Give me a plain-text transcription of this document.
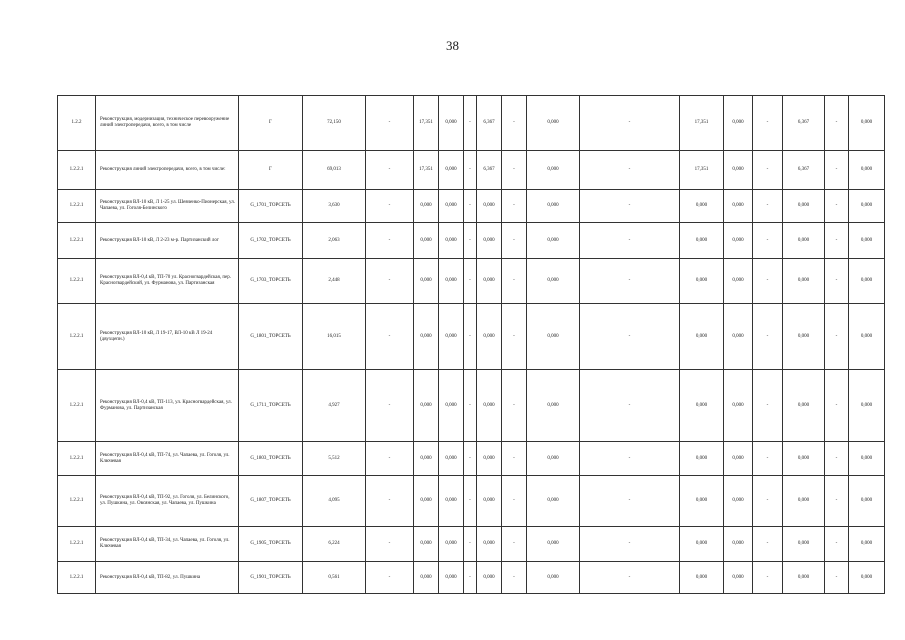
38
1.2.2	Реконструкция, модернизация, техническое перевооружение линий электропередачи, всего, в том числе	Г	72,150	-	17,351	0,000	-	6,367	-	0,000	-	17,351	0,000	-	6,367	-	0,000
1.2.2.1	Реконструкция линий электропередачи, всего, в том числе:	Г	69,013	-	17,351	0,000	-	6,367	-	0,000	-	17,351	0,000	-	6,367	-	0,000
1.2.2.1	Реконструкция ВЛ-10 кВ, Л 1-25 ул. Шевченко-Пионерская, ул. Чапаева, ул. Гоголя-Белинского	G_1701_ТОРСЕТЬ	3,630	-	0,000	0,000	-	0,000	-	0,000	-	0,000	0,000	-	0,000	-	0,000
1.2.2.1	Реконструкция ВЛ-10 кВ, Л 2-23 м-р. Партизанский лог	G_1702_ТОРСЕТЬ	2,063	-	0,000	0,000	-	0,000	-	0,000	-	0,000	0,000	-	0,000	-	0,000
1.2.2.1	Реконструкция ВЛ-0,4 кВ, ТП-70 ул. Красногвардейская, пер. Красногвардейский, ул. Фурманова, ул. Партизанская	G_1703_ТОРСЕТЬ	2,448	-	0,000	0,000	-	0,000	-	0,000	-	0,000	0,000	-	0,000	-	0,000
1.2.2.1	Реконструкция ВЛ-10 кВ, Л 19-17, ВЛ-10 кВ Л 19-24 (двухцепн.)	G_1801_ТОРСЕТЬ	16,015	-	0,000	0,000	-	0,000	-	0,000	-	0,000	0,000	-	0,000	-	0,000
1.2.2.1	Реконструкция ВЛ-0,4 кВ, ТП-113, ул. Красногвардейская, ул. Фурманова, ул. Партизанская	G_1711_ТОРСЕТЬ	4,927	-	0,000	0,000	-	0,000	-	0,000	-	0,000	0,000	-	0,000	-	0,000
1.2.2.1	Реконструкция ВЛ-0,4 кВ, ТП-74, ул. Чапаева, ул. Гоголя, ул. Ключевая	G_1803_ТОРСЕТЬ	5,512	-	0,000	0,000	-	0,000	-	0,000	-	0,000	0,000	-	0,000	-	0,000
1.2.2.1	Реконструкция ВЛ-0,4 кВ, ТП-92, ул. Гоголя, ул. Белинского, ул. Пушкина, ул. Овсянская, ул. Чапаева, ул. Пушкина	G_1807_ТОРСЕТЬ	4,095	-	0,000	0,000	-	0,000	-	0,000	-	0,000	0,000	-	0,000	-	0,000
1.2.2.1	Реконструкция ВЛ-0,4 кВ, ТП-34, ул. Чапаева, ул. Гоголя, ул. Ключевая	G_1905_ТОРСЕТЬ	6,224	-	0,000	0,000	-	0,000	-	0,000	-	0,000	0,000	-	0,000	-	0,000
1.2.2.1	Реконструкция ВЛ-0,4 кВ, ТП-82, ул. Пушкина	G_1901_ТОРСЕТЬ	0,561	-	0,000	0,000	-	0,000	-	0,000	-	0,000	0,000	-	0,000	-	0,000
